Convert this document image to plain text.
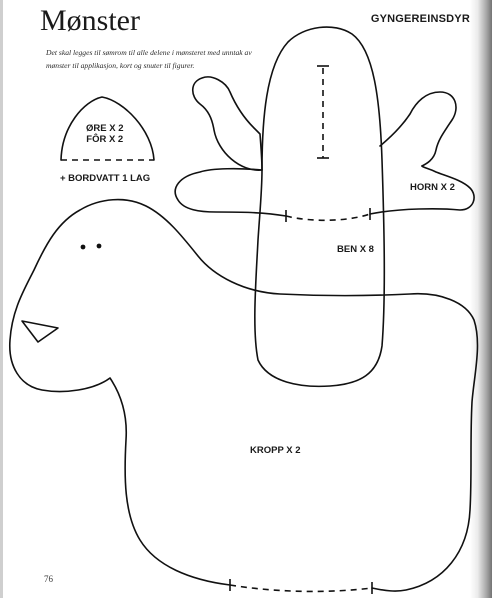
Mønster
Det skal legges til sømrom til alle delene i mønsteret med unntak av mønster til applikasjon, kort og snuter til figurer.
GYNGEREINSDYR
ØRE X 2
FÔR X 2
+ BORDVATT 1 LAG
HORN X 2
BEN X 8
KROPP X 2
76
